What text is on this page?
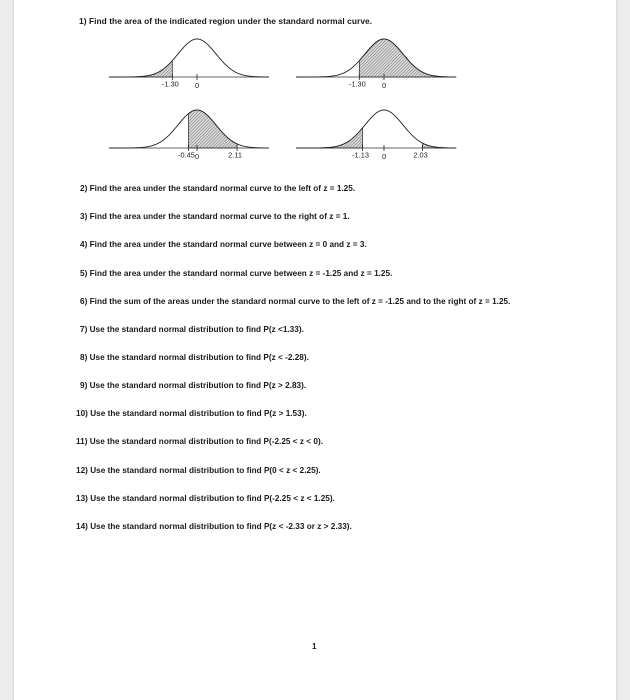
1) Find the area of the indicated region under the standard normal curve.
-1.30 0	-1.30 0
-0.45 0	2.11	-1.13 0	2.03
2) Find the area under the standard normal curve to the left of z = 1.25.
3) Find the area under the standard normal curve to the right of z = 1.
4) Find the area under the standard normal curve between z = 0 and z = 3.
5) Find the area under the standard normal curve between z = -1.25 and z = 1.25.
6) Find the sum of the areas under the standard normal curve to the left of z = -1.25 and to the right of z = 1.25.
7) Use the standard normal distribution to find P(z <1.33).
8) Use the standard normal distribution to find P(z < -2.28).
9) Use the standard normal distribution to find P(z > 2.83).
10) Use the standard normal distribution to find P(z > 1.53).
11) Use the standard normal distribution to find P(-2.25 < z < 0).
12) Use the standard normal distribution to find P(0 < z < 2.25).
13) Use the standard normal distribution to find P(-2.25 < z < 1.25).
14) Use the standard normal distribution to find P(z < -2.33 or z > 2.33).
1
